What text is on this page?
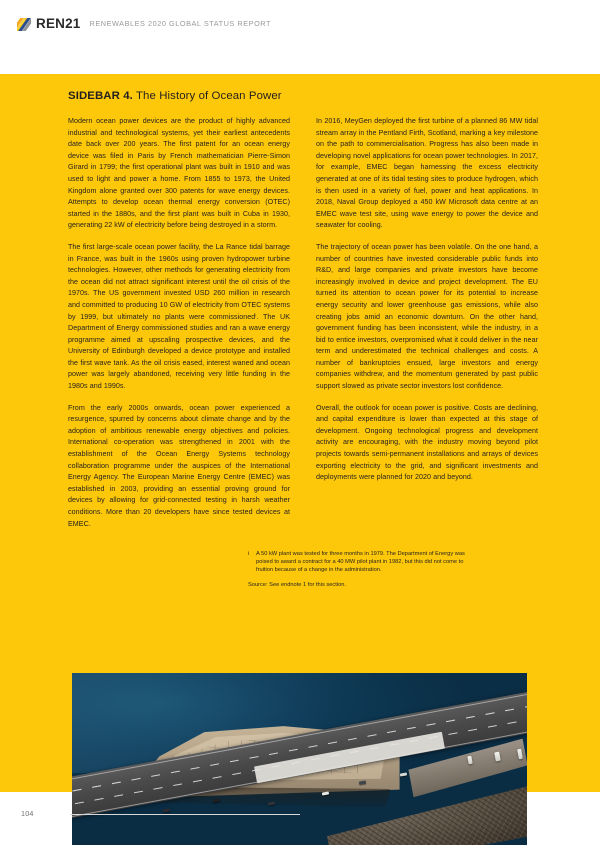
REN21 RENEWABLES 2020 GLOBAL STATUS REPORT
SIDEBAR 4. The History of Ocean Power

Modern ocean power devices are the product of highly advanced industrial and technological systems, yet their earliest antecedents date back over 200 years. The first patent for an ocean energy device was filed in Paris by French mathematician Pierre-Simon Girard in 1799; the first operational plant was built in 1910 and was used to light and power a home. From 1855 to 1973, the United Kingdom alone granted over 300 patents for wave energy devices. Attempts to develop ocean thermal energy conversion (OTEC) started in the 1880s, and the first plant was built in Cuba in 1930, generating 22 kW of electricity before being destroyed in a storm.

The first large-scale ocean power facility, the La Rance tidal barrage in France, was built in the 1960s using proven hydropower turbine technologies. However, other methods for generating electricity from the ocean did not attract significant interest until the oil crisis of the 1970s. The US government invested USD 260 million in research and committed to producing 10 GW of electricity from OTEC systems by 1999, but ultimately no plants were commissionedⁱ. The UK Department of Energy commissioned studies and ran a wave energy programme aimed at upscaling prospective devices, and the University of Edinburgh developed a device prototype and installed the first wave tank. As the oil crisis eased, interest waned and ocean power was largely abandoned, receiving very little funding in the 1980s and 1990s.

From the early 2000s onwards, ocean power experienced a resurgence, spurred by concerns about climate change and by the adoption of ambitious renewable energy objectives and policies. International co-operation was strengthened in 2001 with the establishment of the Ocean Energy Systems technology collaboration programme under the auspices of the International Energy Agency. The European Marine Energy Centre (EMEC) was established in 2003, providing an essential proving ground for devices by allowing for grid-connected testing in harsh weather conditions. More than 20 developers have since tested devices at EMEC.

In 2016, MeyGen deployed the first turbine of a planned 86 MW tidal stream array in the Pentland Firth, Scotland, marking a key milestone on the path to commercialisation. Progress has also been made in developing novel applications for ocean power technologies. In 2017, for example, EMEC began harnessing the excess electricity generated at one of its tidal testing sites to produce hydrogen, which is then used in a variety of fuel, power and heat applications. In 2018, Naval Group deployed a 450 kW Microsoft data centre at an EMEC wave test site, using wave energy to power the device and seawater for cooling.

The trajectory of ocean power has been volatile. On the one hand, a number of countries have invested considerable public funds into R&D, and large companies and private investors have become increasingly involved in device and project development. The EU turned its attention to ocean power for its potential to increase energy security and lower greenhouse gas emissions, while also creating jobs amid an economic downturn. On the other hand, government funding has been inconsistent, while the industry, in a bid to entice investors, overpromised what it could deliver in the near term and underestimated the technical challenges and costs. A number of bankruptcies ensued, large investors and energy companies withdrew, and the momentum generated by past public support slowed as private sector investors lost confidence.

Overall, the outlook for ocean power is positive. Costs are declining, and capital expenditure is lower than expected at this stage of development. Ongoing technological progress and development activity are encouraging, with the industry moving beyond pilot projects towards semi-permanent installations and arrays of devices exporting electricity to the grid, and significant investments and deployments were planned for 2020 and beyond.

i	A 50 kW plant was tested for three months in 1979. The Department of Energy was poised to award a contract for a 40 MW pilot plant in 1982, but this did not come to fruition because of a change in the administration.
Source: See endnote 1 for this section.
104
